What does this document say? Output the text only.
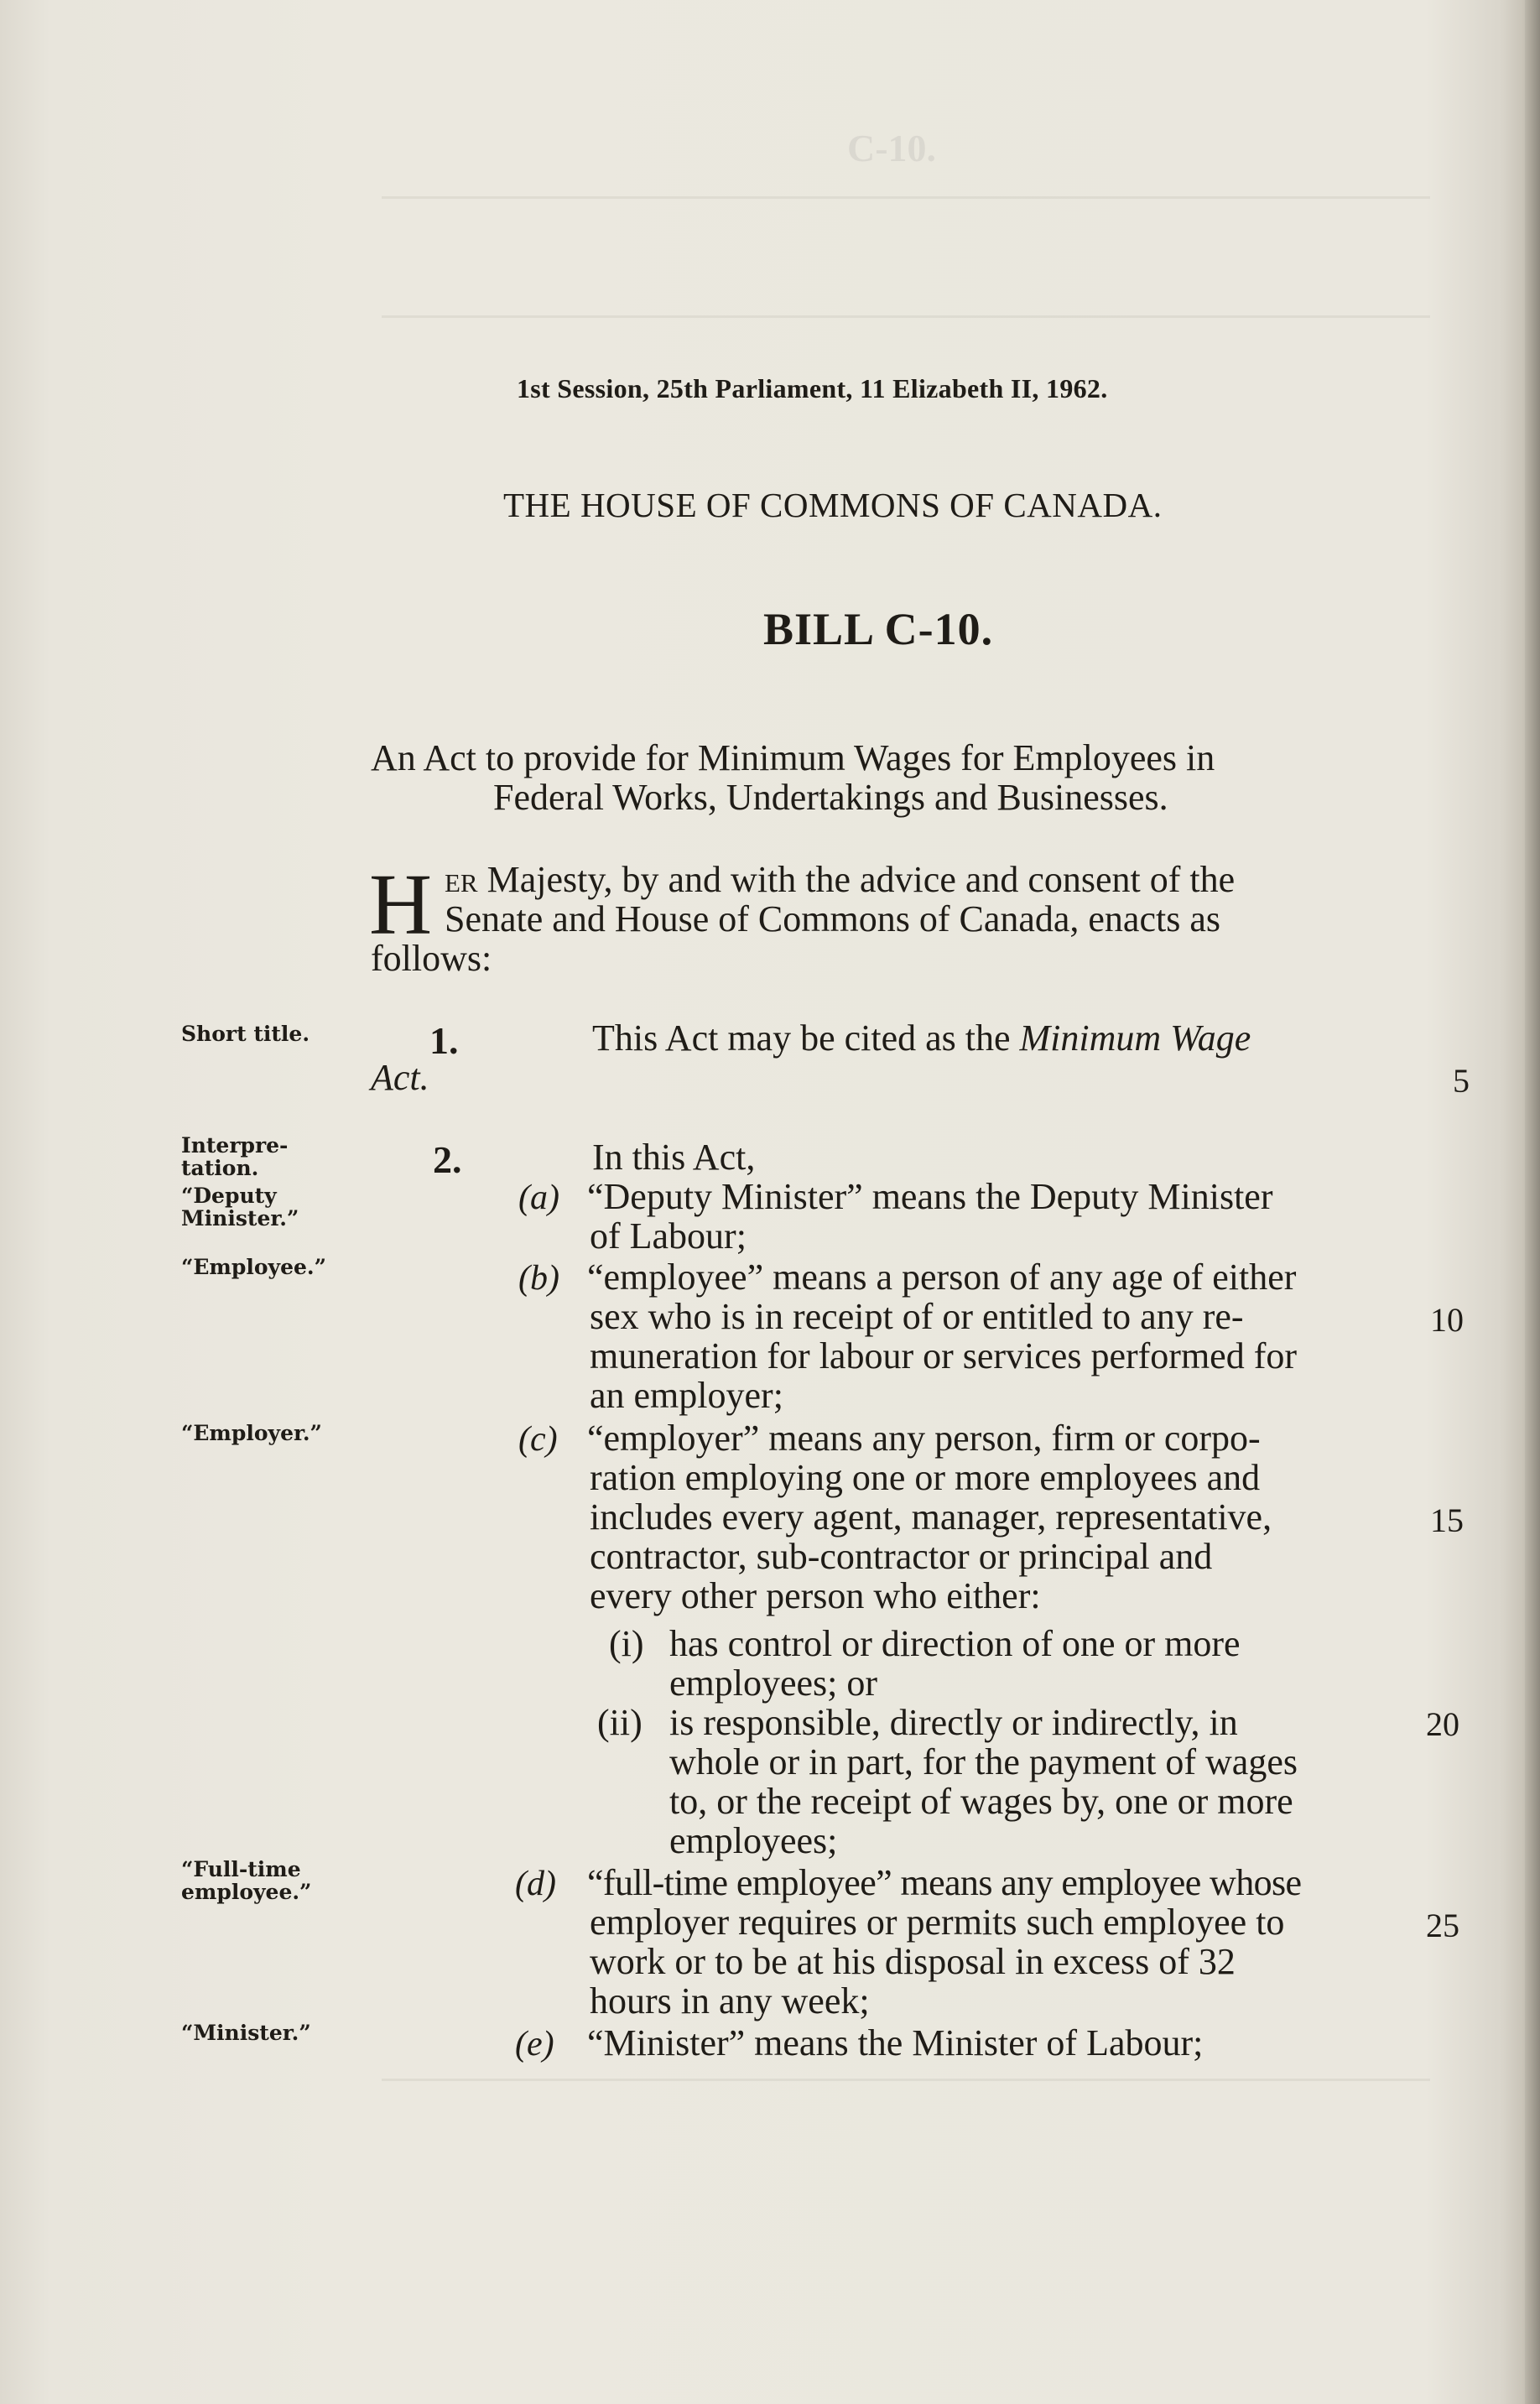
C-10.
1st Session, 25th Parliament, 11 Elizabeth II, 1962.
THE HOUSE OF COMMONS OF CANADA.
BILL C-10.
An Act to provide for Minimum Wages for Employees in
Federal Works, Undertakings and Businesses.
H ER Majesty, by and with the advice and consent of the
Senate and House of Commons of Canada, enacts as
follows:
Short title.	1.	This Act may be cited as the Minimum Wage
Act.	5
Interpre-
tation.
“Deputy
Minister.”
“Employee.”
“Employer.”
“Full-time
employee.”
“Minister.”
2.	In this Act,
(a) “Deputy Minister” means the Deputy Minister
of Labour;
(b) “employee” means a person of any age of either
sex who is in receipt of or entitled to any re-	10
muneration for labour or services performed for
an employer;
(c) “employer” means any person, firm or corpo-
ration employing one or more employees and
includes every agent, manager, representative,	15
contractor, sub-contractor or principal and
every other person who either:
(i) has control or direction of one or more
employees; or
(ii) is responsible, directly or indirectly, in	20
whole or in part, for the payment of wages
to, or the receipt of wages by, one or more
employees;
(d) “full-time employee” means any employee whose
employer requires or permits such employee to	25
work or to be at his disposal in excess of 32
hours in any week;
(e) “Minister” means the Minister of Labour;
